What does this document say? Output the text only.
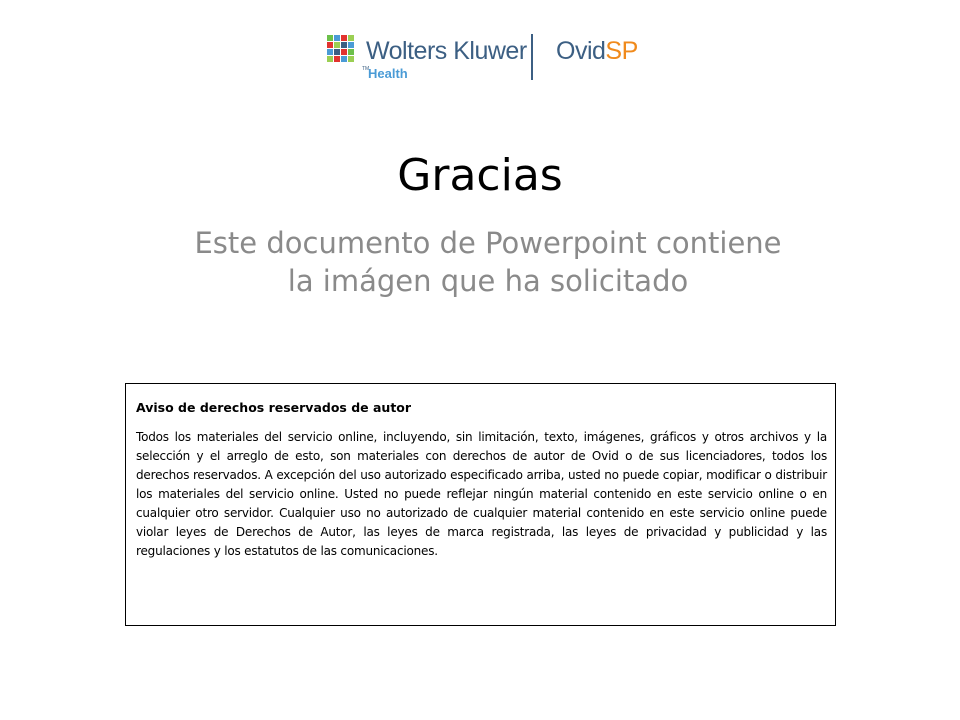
Wolters Kluwer
TM
Health
OvidSP
Gracias
Este documento de Powerpoint contiene
la imágen que ha solicitado
Aviso de derechos reservados de autor
Todos los materiales del servicio online, incluyendo, sin limitación, texto, imágenes, gráficos y otros archivos y la selección y el arreglo de esto, son materiales con derechos de autor de Ovid o de sus licenciadores, todos los derechos reservados. A excepción del uso autorizado especificado arriba, usted no puede copiar, modificar o distribuir los materiales del servicio online. Usted no puede reflejar ningún material contenido en este servicio online o en cualquier otro servidor. Cualquier uso no autorizado de cualquier material contenido en este servicio online puede violar leyes de Derechos de Autor, las leyes de marca registrada, las leyes de privacidad y publicidad y las regulaciones y los estatutos de las comunicaciones.
